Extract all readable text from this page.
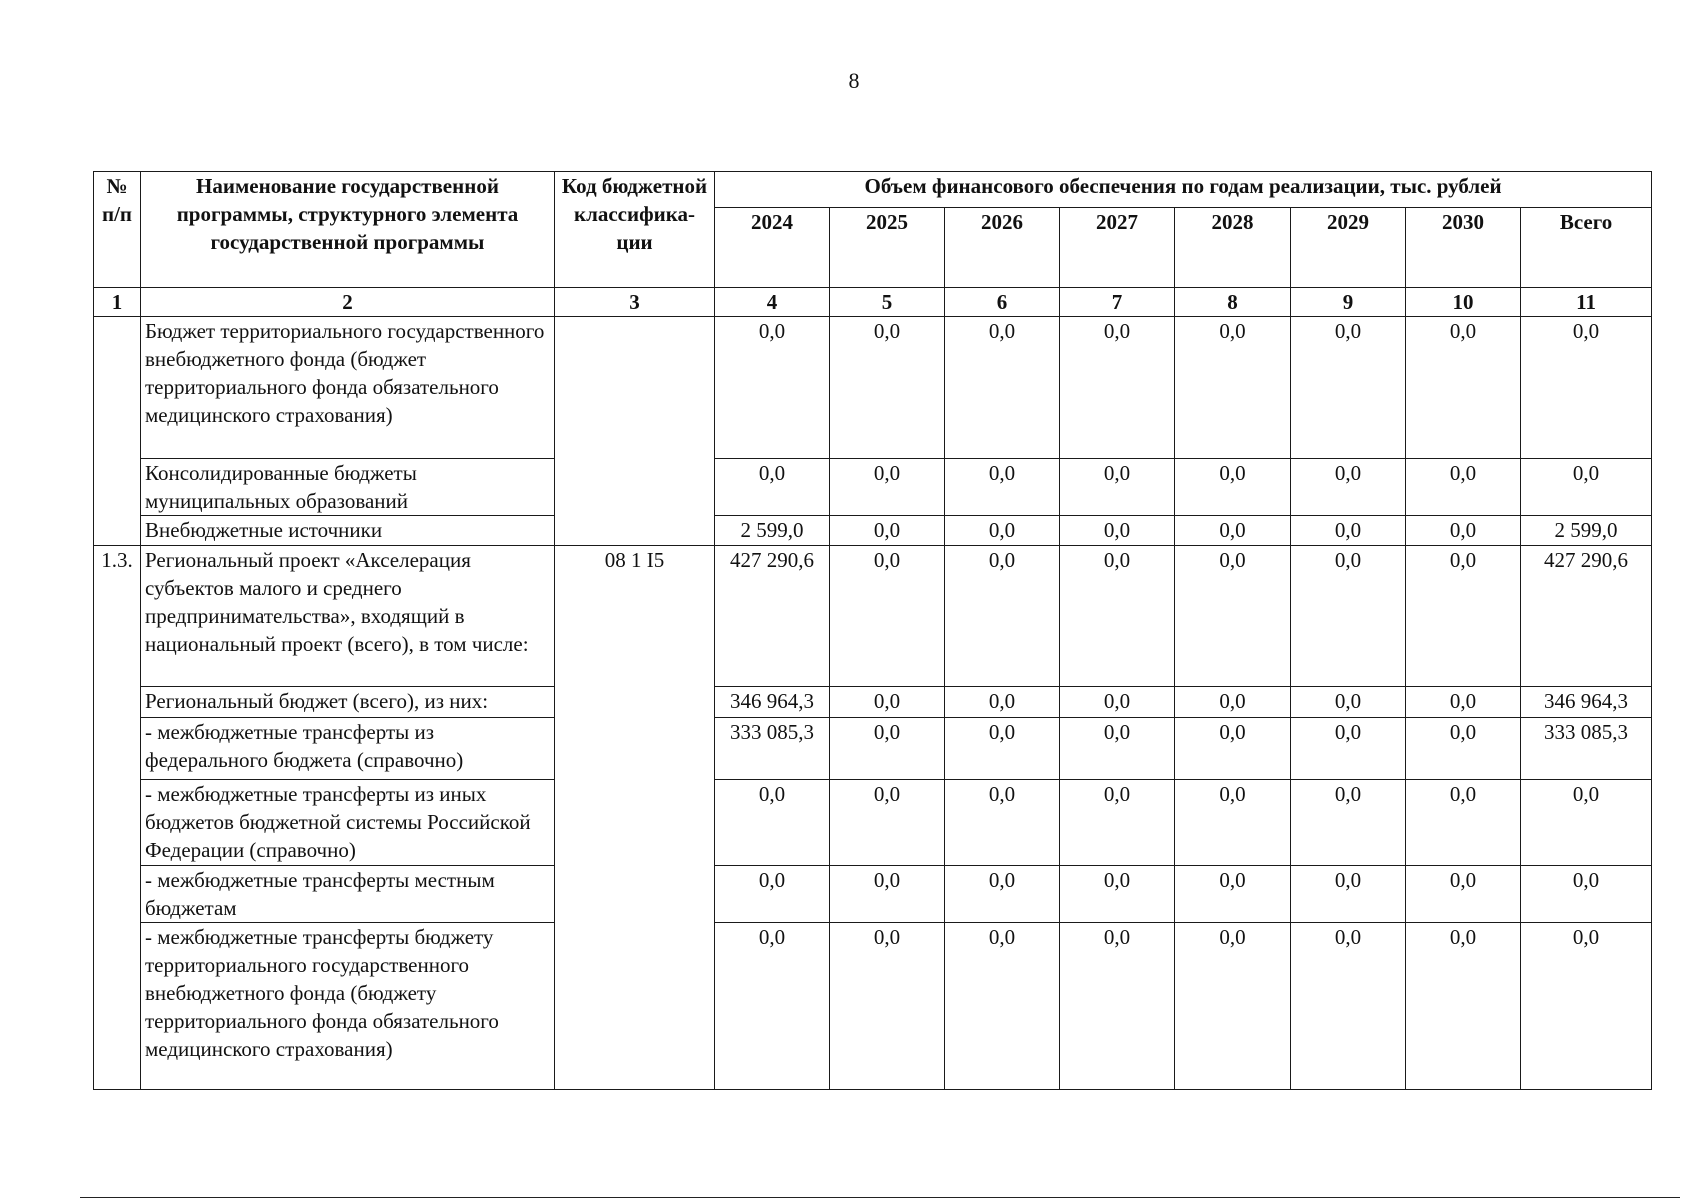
8
№ п/п	Наименование государственной программы, структурного элемента государственной программы	Код бюджетной классифика-ции	Объем финансового обеспечения по годам реализации, тыс. рублей							
			2024	2025	2026	2027	2028	2029	2030	Всего
1	2	3	4	5	6	7	8	9	10	11
	Бюджет территориального государственного внебюджетного фонда (бюджет территориального фонда обязательного медицинского страхования)		0,0	0,0	0,0	0,0	0,0	0,0	0,0	0,0
	Консолидированные бюджеты муниципальных образований		0,0	0,0	0,0	0,0	0,0	0,0	0,0	0,0
	Внебюджетные источники		2 599,0	0,0	0,0	0,0	0,0	0,0	0,0	2 599,0
1.3.	Региональный проект «Акселерация субъектов малого и среднего предпринимательства», входящий в национальный проект (всего), в том числе:	08 1 I5	427 290,6	0,0	0,0	0,0	0,0	0,0	0,0	427 290,6
	Региональный бюджет (всего), из них:		346 964,3	0,0	0,0	0,0	0,0	0,0	0,0	346 964,3
	- межбюджетные трансферты из федерального бюджета (справочно)		333 085,3	0,0	0,0	0,0	0,0	0,0	0,0	333 085,3
	- межбюджетные трансферты из иных бюджетов бюджетной системы Российской Федерации (справочно)		0,0	0,0	0,0	0,0	0,0	0,0	0,0	0,0
	- межбюджетные трансферты местным бюджетам		0,0	0,0	0,0	0,0	0,0	0,0	0,0	0,0
	- межбюджетные трансферты бюджету территориального государственного внебюджетного фонда (бюджету территориального фонда обязательного медицинского страхования)		0,0	0,0	0,0	0,0	0,0	0,0	0,0	0,0
